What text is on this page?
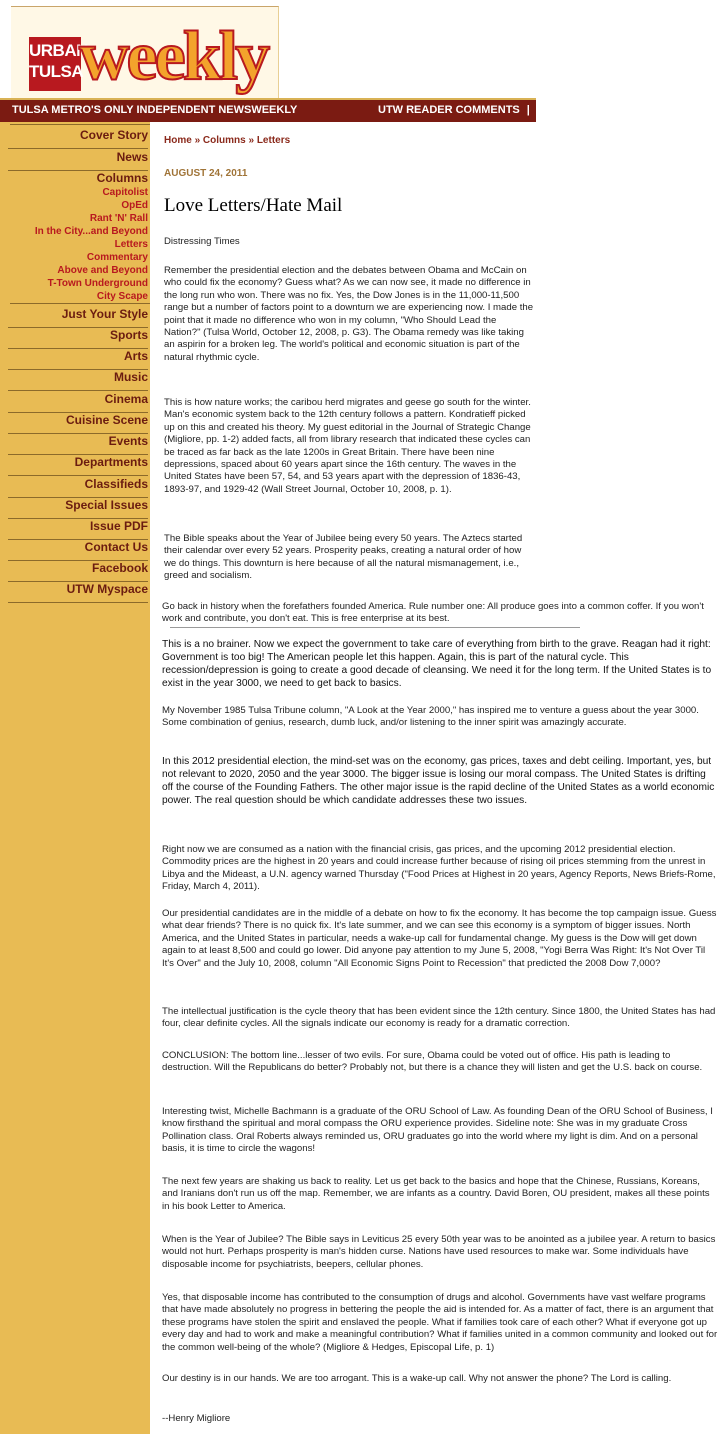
URBAN
TULSA
weekly
TULSA METRO'S ONLY INDEPENDENT NEWSWEEKLY	UTW READER COMMENTS | HA
Cover Story
News
Columns
Capitolist
OpEd
Rant 'N' Rall
In the City...and Beyond
Letters
Commentary
Above and Beyond
T-Town Underground
City Scape
Just Your Style
Sports
Arts
Music
Cinema
Cuisine Scene
Events
Departments
Classifieds
Special Issues
Issue PDF
Contact Us
Facebook
UTW Myspace
Home » Columns » Letters
AUGUST 24, 2011
Love Letters/Hate Mail

Distressing Times

Remember the presidential election and the debates between Obama and McCain on who could fix the economy? Guess what? As we can now see, it made no difference in the long run who won. There was no fix. Yes, the Dow Jones is in the 11,000-11,500 range but a number of factors point to a downturn we are experiencing now. I made the point that it made no difference who won in my column, "Who Should Lead the Nation?" (Tulsa World, October 12, 2008, p. G3). The Obama remedy was like taking an aspirin for a broken leg. The world's political and economic situation is part of the natural rhythmic cycle.

This is how nature works; the caribou herd migrates and geese go south for the winter. Man's economic system back to the 12th century follows a pattern. Kondratieff picked up on this and created his theory. My guest editorial in the Journal of Strategic Change (Migliore, pp. 1-2) added facts, all from library research that indicated these cycles can be traced as far back as the late 1200s in Great Britain. There have been nine depressions, spaced about 60 years apart since the 16th century. The waves in the United States have been 57, 54, and 53 years apart with the depression of 1836-43, 1893-97, and 1929-42 (Wall Street Journal, October 10, 2008, p. 1).

The Bible speaks about the Year of Jubilee being every 50 years. The Aztecs started their calendar over every 52 years. Prosperity peaks, creating a natural order of how we do things. This downturn is here because of all the natural mismanagement, i.e., greed and socialism.

Go back in history when the forefathers founded America. Rule number one: All produce goes into a common coffer. If you won't work and contribute, you don't eat. This is free enterprise at its best.

This is a no brainer. Now we expect the government to take care of everything from birth to the grave. Reagan had it right: Government is too big! The American people let this happen. Again, this is part of the natural cycle. This recession/depression is going to create a good decade of cleansing. We need it for the long term. If the United States is to exist in the year 3000, we need to get back to basics.

My November 1985 Tulsa Tribune column, "A Look at the Year 2000," has inspired me to venture a guess about the year 3000. Some combination of genius, research, dumb luck, and/or listening to the inner spirit was amazingly accurate.

In this 2012 presidential election, the mind-set was on the economy, gas prices, taxes and debt ceiling. Important, yes, but not relevant to 2020, 2050 and the year 3000. The bigger issue is losing our moral compass. The United States is drifting off the course of the Founding Fathers. The other major issue is the rapid decline of the United States as a world economic power. The real question should be which candidate addresses these two issues.

Right now we are consumed as a nation with the financial crisis, gas prices, and the upcoming 2012 presidential election. Commodity prices are the highest in 20 years and could increase further because of rising oil prices stemming from the unrest in Libya and the Mideast, a U.N. agency warned Thursday ("Food Prices at Highest in 20 years, Agency Reports, News Briefs-Rome, Friday, March 4, 2011).

Our presidential candidates are in the middle of a debate on how to fix the economy. It has become the top campaign issue. Guess what dear friends? There is no quick fix. It's late summer, and we can see this economy is a symptom of bigger issues. North America, and the United States in particular, needs a wake-up call for fundamental change. My guess is the Dow will get down again to at least 8,500 and could go lower. Did anyone pay attention to my June 5, 2008, "Yogi Berra Was Right: It's Not Over Til It's Over" and the July 10, 2008, column "All Economic Signs Point to Recession" that predicted the 2008 Dow 7,000?

The intellectual justification is the cycle theory that has been evident since the 12th century. Since 1800, the United States has had four, clear definite cycles. All the signals indicate our economy is ready for a dramatic correction.

CONCLUSION: The bottom line...lesser of two evils. For sure, Obama could be voted out of office. His path is leading to destruction. Will the Republicans do better? Probably not, but there is a chance they will listen and get the U.S. back on course.

Interesting twist, Michelle Bachmann is a graduate of the ORU School of Law. As founding Dean of the ORU School of Business, I know firsthand the spiritual and moral compass the ORU experience provides. Sideline note: She was in my graduate Cross Pollination class. Oral Roberts always reminded us, ORU graduates go into the world where my light is dim. And on a personal basis, it is time to circle the wagons!

The next few years are shaking us back to reality. Let us get back to the basics and hope that the Chinese, Russians, Koreans, and Iranians don't run us off the map. Remember, we are infants as a country. David Boren, OU president, makes all these points in his book Letter to America.

When is the Year of Jubilee? The Bible says in Leviticus 25 every 50th year was to be anointed as a jubilee year. A return to basics would not hurt. Perhaps prosperity is man's hidden curse. Nations have used resources to make war. Some individuals have disposable income for psychiatrists, beepers, cellular phones.

Yes, that disposable income has contributed to the consumption of drugs and alcohol. Governments have vast welfare programs that have made absolutely no progress in bettering the people the aid is intended for. As a matter of fact, there is an argument that these programs have stolen the spirit and enslaved the people. What if families took care of each other? What if everyone got up every day and had to work and make a meaningful contribution? What if families united in a common community and looked out for the common well-being of the whole? (Migliore & Hedges, Episcopal Life, p. 1)

Our destiny is in our hands. We are too arrogant. This is a wake-up call. Why not answer the phone? The Lord is calling.

--Henry Migliore
